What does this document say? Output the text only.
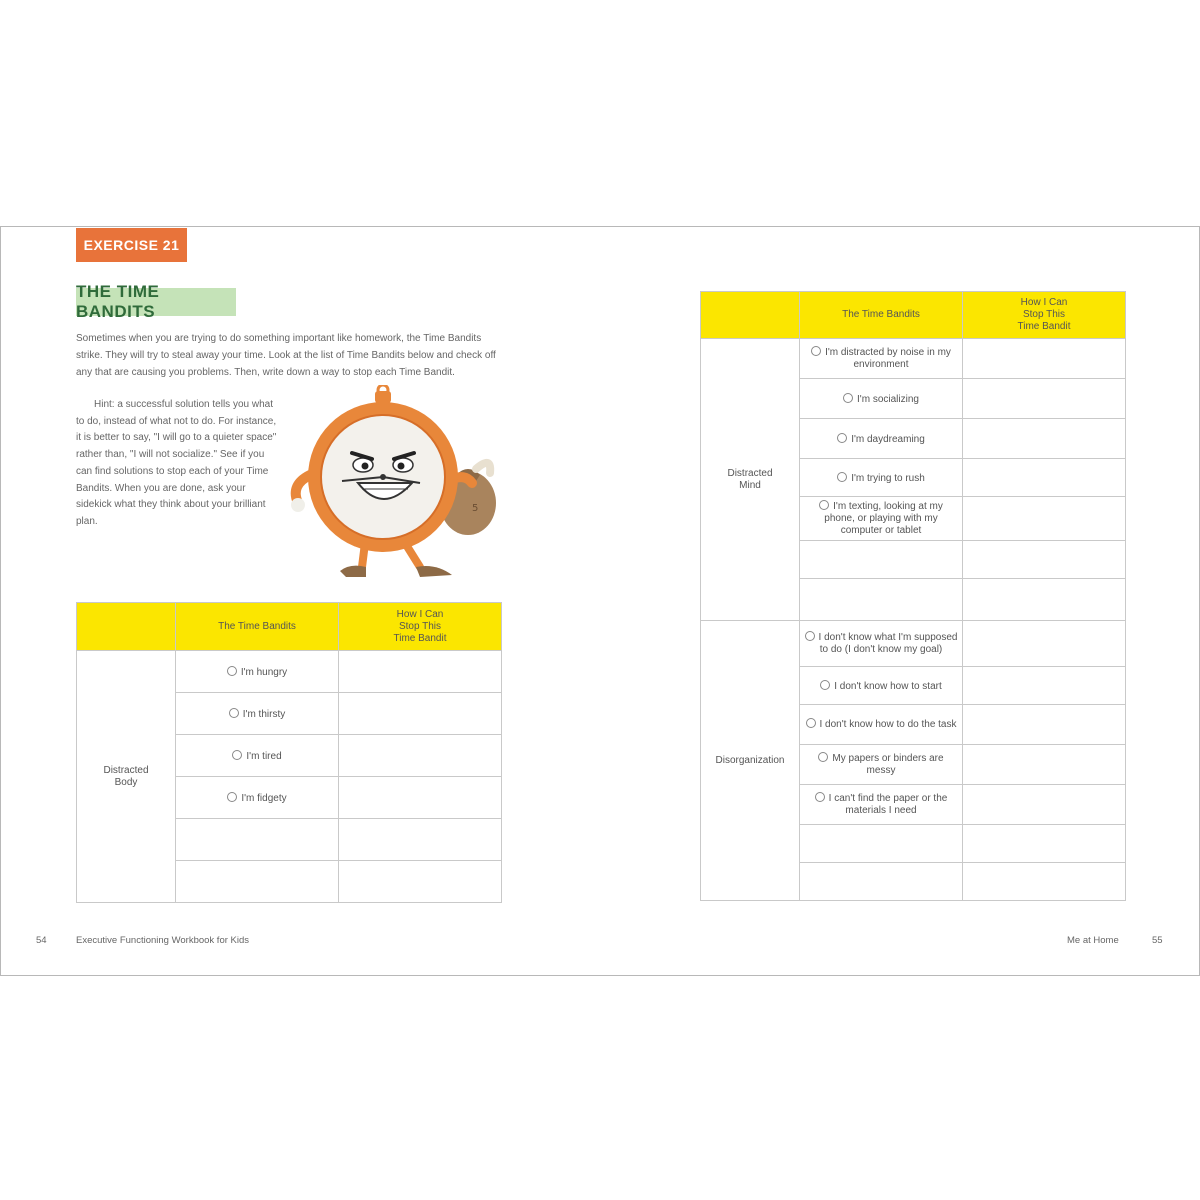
EXERCISE 21
THE TIME BANDITS

Sometimes when you are trying to do something important like homework, the Time Bandits strike. They will try to steal away your time. Look at the list of Time Bandits below and check off any that are causing you problems. Then, write down a way to stop each Time Bandit.

Hint: a successful solution tells you what to do, instead of what not to do. For instance, it is better to say, "I will go to a quieter space" rather than, "I will not socialize." See if you can find solutions to stop each of your Time Bandits. When you are done, ask your sidekick what they think about your brilliant plan.

5
	The Time Bandits	How I Can Stop This Time Bandit

Distracted Body	I'm hungry	
	I'm thirsty	
	I'm tired	
	I'm fidgety	

	The Time Bandits	How I Can Stop This Time Bandit

Distracted Mind	I'm distracted by noise in my environment	
	I'm socializing	
	I'm daydreaming	
	I'm trying to rush	
	I'm texting, looking at my phone, or playing with my computer or tablet	

Disorganization	I don't know what I'm supposed to do (I don't know my goal)	
	I don't know how to start	
	I don't know how to do the task	
	My papers or binders are messy	
	I can't find the paper or the materials I need	

54	Executive Functioning Workbook for Kids	Me at Home	55
